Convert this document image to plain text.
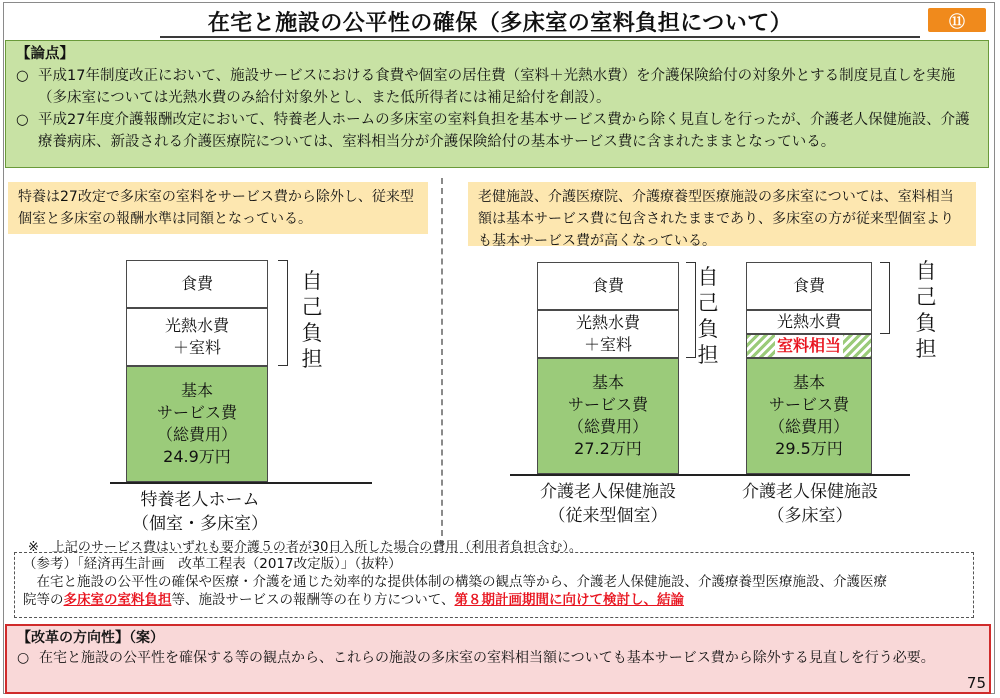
在宅と施設の公平性の確保（多床室の室料負担について）	⑪
【論点】
○ 平成17年制度改正において、施設サービスにおける食費や個室の居住費（室料＋光熱水費）を介護保険給付の対象外とする制度見直しを実施（多床室については光熱水費のみ給付対象外とし、また低所得者には補足給付を創設）。
○ 平成27年度介護報酬改定において、特養老人ホームの多床室の室料負担を基本サービス費から除く見直しを行ったが、介護老人保健施設、介護療養病床、新設される介護医療院については、室料相当分が介護保険給付の基本サービス費に含まれたままとなっている。
特養は27改定で多床室の室料をサービス費から除外し、従来型個室と多床室の報酬水準は同額となっている。
老健施設、介護医療院、介護療養型医療施設の多床室については、室料相当額は基本サービス費に包含されたままであり、多床室の方が従来型個室よりも基本サービス費が高くなっている。
食費
光熱水費
＋室料
基本
サービス費
（総費用）
24.9万円
自
己
負
担
特養老人ホーム
（個室・多床室）
食費
光熱水費
＋室料
基本
サービス費
（総費用）
27.2万円
自
己
負
担
食費
光熱水費
室料相当
基本
サービス費
（総費用）
29.5万円
自
己
負
担
介護老人保健施設
（従来型個室）
介護老人保健施設
（多床室）
※　上記のサービス費はいずれも要介護５の者が30日入所した場合の費用（利用者負担含む）。
（参考）「経済再生計画　改革工程表（2017改定版）」（抜粋）
　在宅と施設の公平性の確保や医療・介護を通じた効率的な提供体制の構築の観点等から、介護老人保健施設、介護療養型医療施設、介護医療
院等の多床室の室料負担等、施設サービスの報酬等の在り方について、第８期計画期間に向けて検討し、結論
【改革の方向性】（案）
○ 在宅と施設の公平性を確保する等の観点から、これらの施設の多床室の室料相当額についても基本サービス費から除外する見直しを行う必要。
75
